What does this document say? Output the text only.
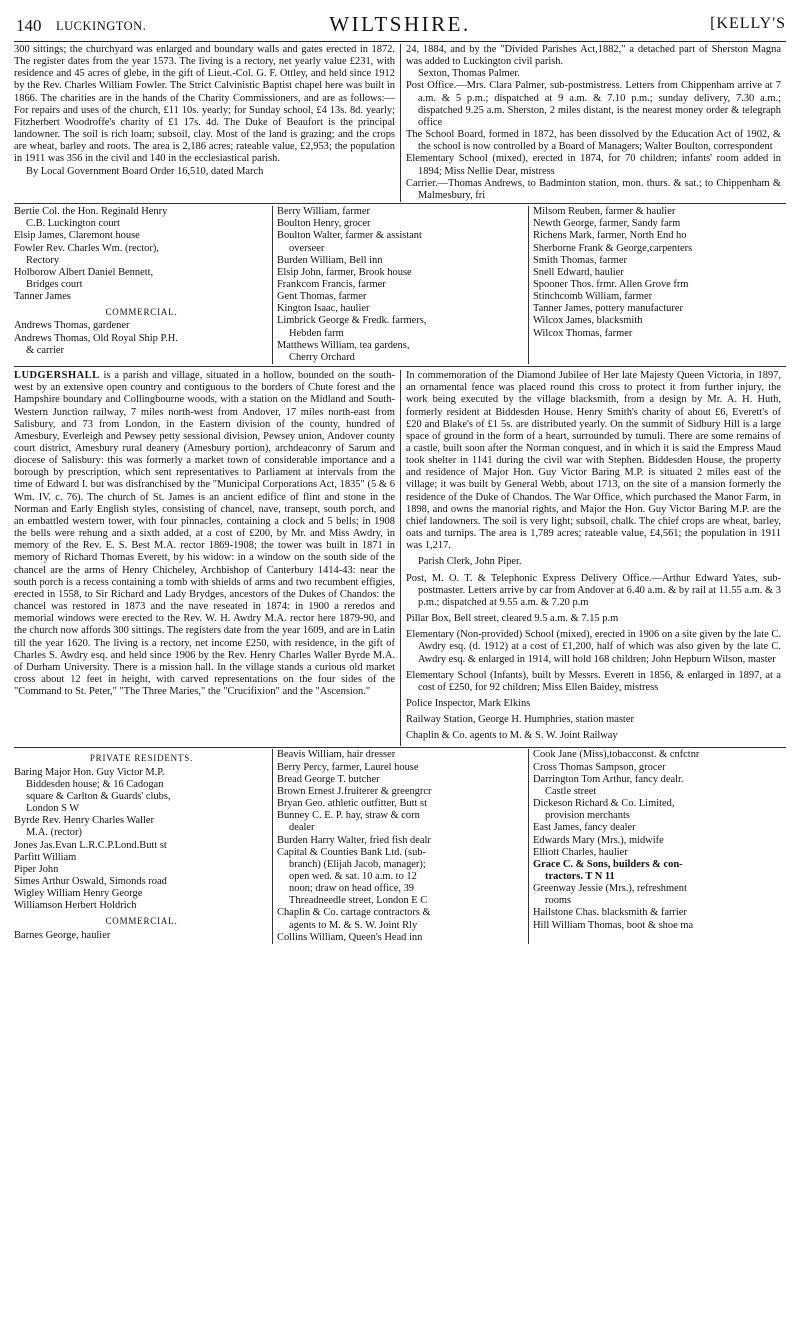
140 LUCKINGTON.	WILTSHIRE.	[KELLY'S

300 sittings; the churchyard was enlarged and boundary walls and gates erected in 1872. The register dates from the year 1573. The living is a rectory, net yearly value £231, with residence and 45 acres of glebe, in the gift of Lieut.-Col. G. F. Ottley, and held since 1912 by the Rev. Charles William Fowler. The Strict Calvinistic Baptist chapel here was built in 1866. The charities are in the hands of the Charity Commissioners, and are as follows:—For repairs and uses of the church, £11 10s. yearly; for Sunday school, £4 13s. 8d. yearly; Fitzherbert Woodroffe's charity of £1 17s. 4d. The Duke of Beaufort is the principal landowner. The soil is rich loam; subsoil, clay. Most of the land is grazing; and the crops are wheat, barley and roots. The area is 2,186 acres; rateable value, £2,953; the population in 1911 was 356 in the civil and 140 in the ecclesiastical parish.

By Local Government Board Order 16,510, dated March

24, 1884, and by the "Divided Parishes Act,1882," a detached part of Sherston Magna was added to Luckington civil parish.

Sexton, Thomas Palmer.

Post Office.—Mrs. Clara Palmer, sub-postmistress. Letters from Chippenham arrive at 7 a.m. & 5 p.m.; dispatched at 9 a.m. & 7.10 p.m.; sunday delivery, 7.30 a.m.; dispatched 9.25 a.m. Sherston, 2 miles distant, is the nearest money order & telegraph office

The School Board, formed in 1872, has been dissolved by the Education Act of 1902, & the school is now controlled by a Board of Managers; Walter Boulton, correspondent

Elementary School (mixed), erected in 1874, for 70 children; infants' room added in 1894; Miss Nellie Dear, mistress

Carrier.—Thomas Andrews, to Badminton station, mon. thurs. & sat.; to Chippenham & Malmesbury, fri

Bertie Col. the Hon. Reginald Henry
C.B. Luckington court
Elsip James, Claremont house
Fowler Rev. Charles Wm. (rector),
Rectory
Holborow Albert Daniel Bennett,
Bridges court
Tanner James
COMMERCIAL.
Andrews Thomas, gardener
Andrews Thomas, Old Royal Ship P.H.
& carrier
Berry William, farmer
Boulton Henry, grocer
Boulton Walter, farmer & assistant
overseer
Burden William, Bell inn
Elsip John, farmer, Brook house
Frankcom Francis, farmer
Gent Thomas, farmer
Kington Isaac, haulier
Limbrick George & Fredk. farmers,
Hebden farm
Matthews William, tea gardens,
Cherry Orchard
Milsom Reuben, farmer & haulier
Newth George, farmer, Sandy farm
Richens Mark, farmer, North End ho
Sherborne Frank & George,carpenters
Smith Thomas, farmer
Snell Edward, haulier
Spooner Thos. frmr. Allen Grove frm
Stinchcomb William, farmer
Tanner James, pottery manufacturer
Wilcox James, blacksmith
Wilcox Thomas, farmer

LUDGERSHALL is a parish and village, situated in a hollow, bounded on the south-west by an extensive open country and contiguous to the borders of Chute forest and the Hampshire boundary and Collingbourne woods, with a station on the Midland and South-Western Junction railway, 7 miles north-west from Andover, 17 miles north-east from Salisbury, and 73 from London, in the Eastern division of the county, hundred of Amesbury, Everleigh and Pewsey petty sessional division, Pewsey union, Andover county court district, Amesbury rural deanery (Amesbury portion), archdeaconry of Sarum and diocese of Salisbury: this was formerly a market town of considerable importance and a borough by prescription, which sent representatives to Parliament at intervals from the time of Edward I. but was disfranchised by the "Municipal Corporations Act, 1835" (5 & 6 Wm. IV. c. 76). The church of St. James is an ancient edifice of flint and stone in the Norman and Early English styles, consisting of chancel, nave, transept, south porch, and an embattled western tower, with four pinnacles, containing a clock and 5 bells; in 1908 the bells were rehung and a sixth added, at a cost of £200, by Mr. and Miss Awdry, in memory of the Rev. E. S. Best M.A. rector 1869-1908; the tower was built in 1871 in memory of Richard Thomas Everett, by his widow: in a window on the south side of the chancel are the arms of Henry Chicheley, Archbishop of Canterbury 1414-43: near the south porch is a recess containing a tomb with shields of arms and two recumbent effigies, erected in 1558, to Sir Richard and Lady Brydges, ancestors of the Dukes of Chandos: the chancel was restored in 1873 and the nave reseated in 1874: in 1900 a reredos and memorial windows were erected to the Rev. W. H. Awdry M.A. rector here 1879-90, and the church now affords 300 sittings. The registers date from the year 1609, and are in Latin till the year 1620. The living is a rectory, net income £250, with residence, in the gift of Charles S. Awdry esq. and held since 1906 by the Rev. Henry Charles Waller Byrde M.A. of Durham University. There is a mission hall. In the village stands a curious old market cross about 12 feet in height, with carved representations on the four sides of the "Command to St. Peter," "The Three Maries," the "Crucifixion" and the "Ascension."

In commemoration of the Diamond Jubilee of Her late Majesty Queen Victoria, in 1897, an ornamental fence was placed round this cross to protect it from further injury, the work being executed by the village blacksmith, from a design by Mr. A. H. Huth, formerly resident at Biddesden House. Henry Smith's charity of about £6, Everett's of £20 and Blake's of £1 5s. are distributed yearly. On the summit of Sidbury Hill is a large space of ground in the form of a heart, surrounded by tumuli. There are some remains of a castle, built soon after the Norman conquest, and in which it is said the Empress Maud took shelter in 1141 during the civil war with Stephen. Biddesden House, the property and residence of Major Hon. Guy Victor Baring M.P. is situated 2 miles east of the village; it was built by General Webb, about 1713, on the site of a mansion formerly the residence of the Duke of Chandos. The War Office, which purchased the Manor Farm, in 1898, and owns the manorial rights, and Major the Hon. Guy Victor Baring M.P. are the chief landowners. The soil is very light; subsoil, chalk. The chief crops are wheat, barley, oats and turnips. The area is 1,789 acres; rateable value, £4,561; the population in 1911 was 1,217.

Parish Clerk, John Piper.

Post, M. O. T. & Telephonic Express Delivery Office.—Arthur Edward Yates, sub-postmaster. Letters arrive by car from Andover at 6.40 a.m. & by rail at 11.55 a.m. & 3 p.m.; dispatched at 9.55 a.m. & 7.20 p.m

Pillar Box, Bell street, cleared 9.5 a.m. & 7.15 p.m

Elementary (Non-provided) School (mixed), erected in 1906 on a site given by the late C. Awdry esq. (d. 1912) at a cost of £1,200, half of which was also given by the late C. Awdry esq. & enlarged in 1914, will hold 168 children; John Hepburn Wilson, master

Elementary School (Infants), built by Messrs. Everett in 1856, & enlarged in 1897, at a cost of £250, for 92 children; Miss Ellen Baidey, mistress

Police Inspector, Mark Elkins

Railway Station, George H. Humphries, station master

Chaplin & Co. agents to M. & S. W. Joint Railway

PRIVATE RESIDENTS.
Baring Major Hon. Guy Victor M.P.
Biddesden house; & 16 Cadogan
square & Carlton & Guards' clubs,
London S W
Byrde Rev. Henry Charles Waller
M.A. (rector)
Jones Jas.Evan L.R.C.P.Lond.Butt st
Parfitt William
Piper John
Simes Arthur Oswald, Simonds road
Wigley William Henry George
Williamson Herbert Holdrich
COMMERCIAL.
Barnes George, haulier
Beavis William, hair dresser
Berry Percy, farmer, Laurel house
Bread George T. butcher
Brown Ernest J.fruiterer & greengrcr
Bryan Geo. athletic outfitter, Butt st
Bunney C. E. P. hay, straw & corn
dealer
Burden Harry Walter, fried fish dealr
Capital & Counties Bank Ltd. (sub-
branch) (Elijah Jacob, manager);
open wed. & sat. 10 a.m. to 12
noon; draw on head office, 39
Threadneedle street, London E C
Chaplin & Co. cartage contractors &
agents to M. & S. W. Joint Rly
Collins William, Queen's Head inn
Cook Jane (Miss),tobacconst. & cnfctnr
Cross Thomas Sampson, grocer
Darrington Tom Arthur, fancy dealr.
Castle street
Dickeson Richard & Co. Limited,
provision merchants
East James, fancy dealer
Edwards Mary (Mrs.), midwife
Elliott Charles, haulier
Grace C. & Sons, builders & con-
tractors. T N 11
Greenway Jessie (Mrs.), refreshment
rooms
Hailstone Chas. blacksmith & farrier
Hill William Thomas, boot & shoe ma
